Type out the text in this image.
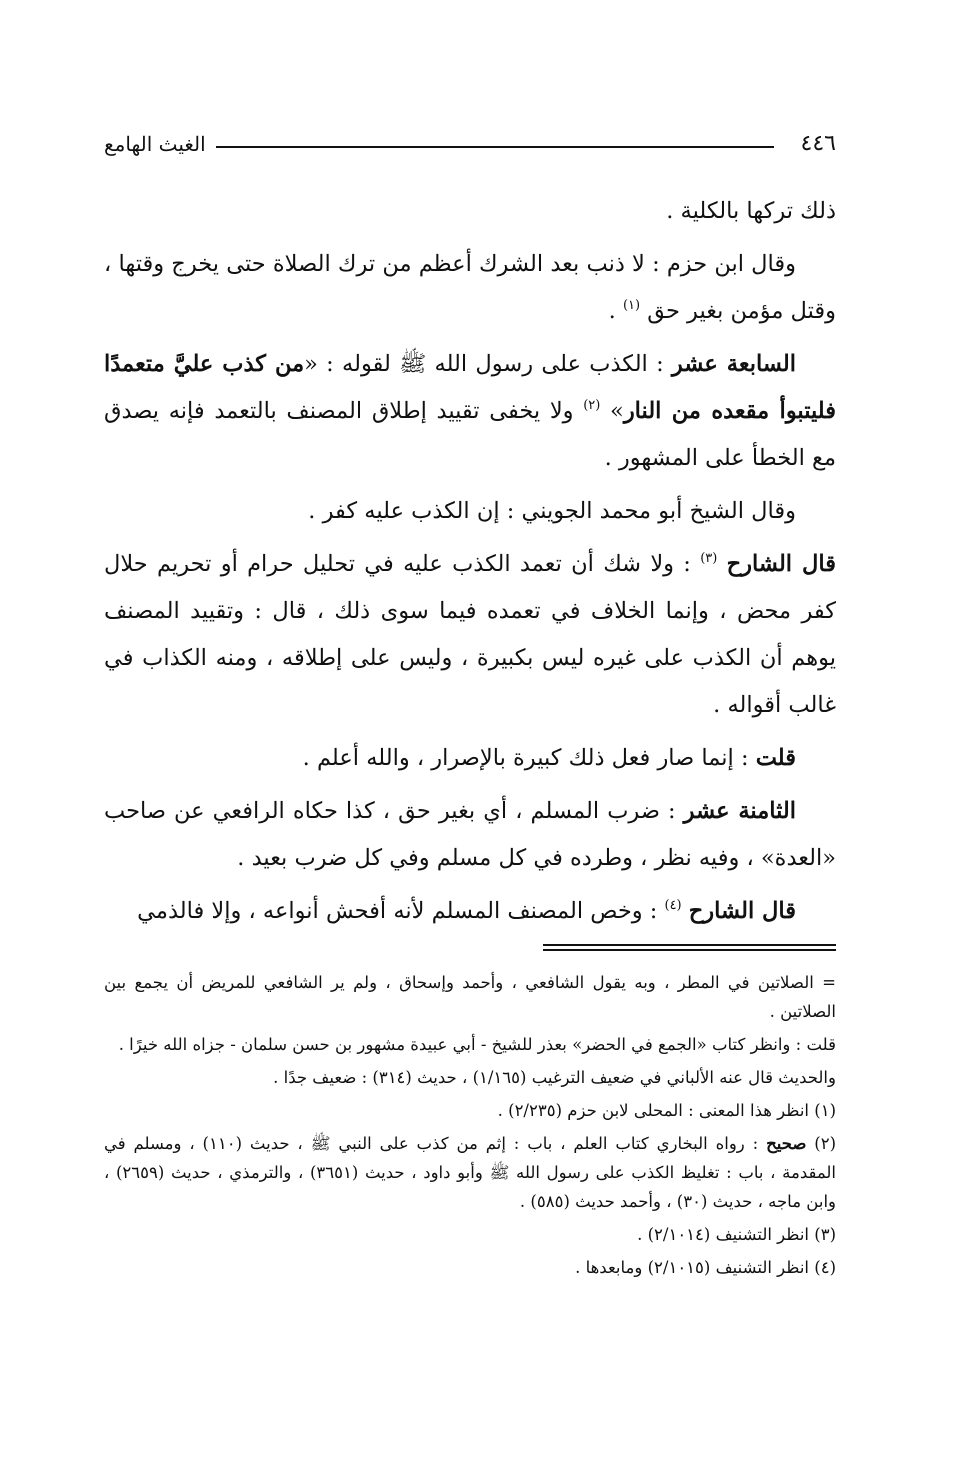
٤٤٦
الغيث الهامع

ذلك تركها بالكلية .

وقال ابن حزم : لا ذنب بعد الشرك أعظم من ترك الصلاة حتى يخرج وقتها ، وقتل مؤمن بغير حق $^{(١)}$ .

السابعة عشر : الكذب على رسول الله ﷺ لقوله : «من كذب عليَّ متعمدًا فليتبوأ مقعده من النار» $^{(٢)}$ ولا يخفى تقييد إطلاق المصنف بالتعمد فإنه يصدق مع الخطأ على المشهور .

وقال الشيخ أبو محمد الجويني : إن الكذب عليه كفر .

قال الشارح $^{(٣)}$ : ولا شك أن تعمد الكذب عليه في تحليل حرام أو تحريم حلال كفر محض ، وإنما الخلاف في تعمده فيما سوى ذلك ، قال : وتقييد المصنف يوهم أن الكذب على غيره ليس بكبيرة ، وليس على إطلاقه ، ومنه الكذاب في غالب أقواله .

قلت : إنما صار فعل ذلك كبيرة بالإصرار ، والله أعلم .

الثامنة عشر : ضرب المسلم ، أي بغير حق ، كذا حكاه الرافعي عن صاحب «العدة» ، وفيه نظر ، وطرده في كل مسلم وفي كل ضرب بعيد .

قال الشارح $^{(٤)}$ : وخص المصنف المسلم لأنه أفحش أنواعه ، وإلا فالذمي

= الصلاتين في المطر ، وبه يقول الشافعي ، وأحمد وإسحاق ، ولم ير الشافعي للمريض أن يجمع بين الصلاتين .

قلت : وانظر كتاب «الجمع في الحضر» بعذر للشيخ - أبي عبيدة مشهور بن حسن سلمان - جزاه الله خيرًا .

والحديث قال عنه الألباني في ضعيف الترغيب (١/١٦٥) ، حديث (٣١٤) : ضعيف جدًا .

(١) انظر هذا المعنى : المحلى لابن حزم (٢/٢٣٥) .

(٢) صحيح : رواه البخاري كتاب العلم ، باب : إثم من كذب على النبي ﷺ ، حديث (١١٠) ، ومسلم في المقدمة ، باب : تغليظ الكذب على رسول الله ﷺ وأبو داود ، حديث (٣٦٥١) ، والترمذي ، حديث (٢٦٥٩) ، وابن ماجه ، حديث (٣٠) ، وأحمد حديث (٥٨٥) .

(٣) انظر التشنيف (٢/١٠١٤) .

(٤) انظر التشنيف (٢/١٠١٥) ومابعدها .
